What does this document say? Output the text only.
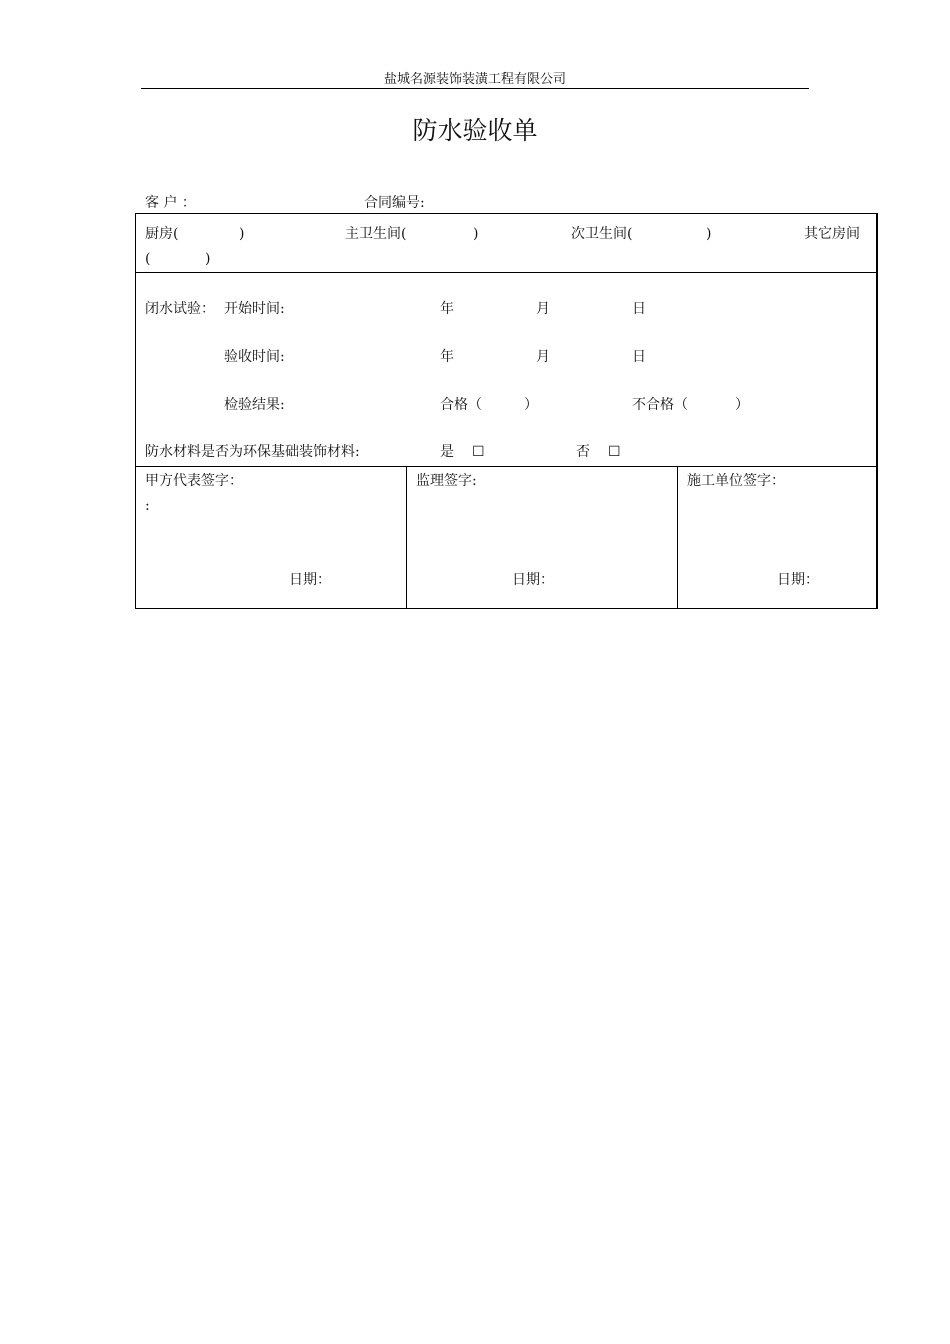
盐城名源装饰装潢工程有限公司
防水验收单
客 户 ：	合同编号:
厨房(	)	主卫生间(	)	次卫生间(	)	其它房间
(	)
闭水试验： 开始时间:	年	月	日
验收时间:	年	月	日
检验结果:	合格（	）	不合格（	）
防水材料是否为环保基础装饰材料:	是 ☐	否 ☐
甲方代表签字：
:
日期：
监理签字:
日期：
施工单位签字：
日期：
